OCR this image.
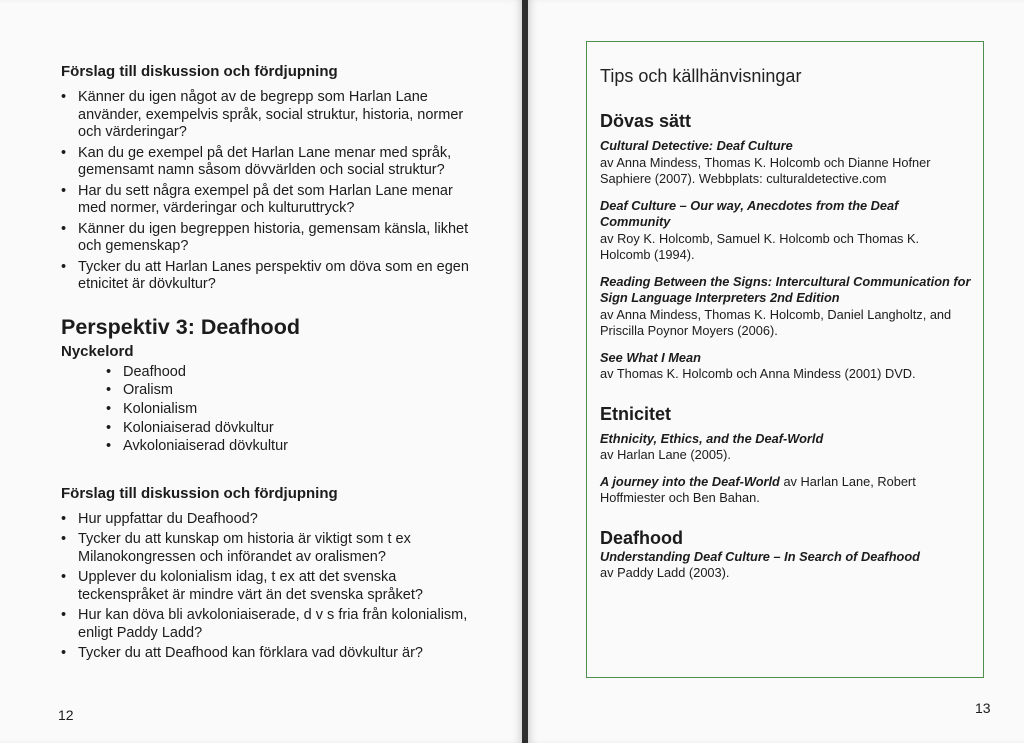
Förslag till diskussion och fördjupning
• Känner du igen något av de begrepp som Harlan Lane använder, exempelvis språk, social struktur, historia, normer och värderingar?
• Kan du ge exempel på det Harlan Lane menar med språk, gemensamt namn såsom dövvärlden och social struktur?
• Har du sett några exempel på det som Harlan Lane menar med normer, värderingar och kulturuttryck?
• Känner du igen begreppen historia, gemensam känsla, likhet och gemenskap?
• Tycker du att Harlan Lanes perspektiv om döva som en egen etnicitet är dövkultur?
Perspektiv 3: Deafhood
Nyckelord
• Deafhood
• Oralism
• Kolonialism
• Koloniaiserad dövkultur
• Avkoloniaiserad dövkultur
Förslag till diskussion och fördjupning
• Hur uppfattar du Deafhood?
• Tycker du att kunskap om historia är viktigt som t ex Milanokongressen och införandet av oralismen?
• Upplever du kolonialism idag, t ex att det svenska teckenspråket är mindre värt än det svenska språket?
• Hur kan döva bli avkoloniaiserade, d v s fria från kolonialism, enligt Paddy Ladd?
• Tycker du att Deafhood kan förklara vad dövkultur är?
12
Tips och källhänvisningar
Dövas sätt
Cultural Detective: Deaf Culture
av Anna Mindess, Thomas K. Holcomb och Dianne Hofner Saphiere (2007). Webbplats: culturaldetective.com
Deaf Culture – Our way, Anecdotes from the Deaf Community
av Roy K. Holcomb, Samuel K. Holcomb och Thomas K. Holcomb (1994).
Reading Between the Signs: Intercultural Communication for Sign Language Interpreters 2nd Edition
av Anna Mindess, Thomas K. Holcomb, Daniel Langholtz, and Priscilla Poynor Moyers (2006).
See What I Mean
av Thomas K. Holcomb och Anna Mindess (2001) DVD.
Etnicitet
Ethnicity, Ethics, and the Deaf-World
av Harlan Lane (2005).
A journey into the Deaf-World av Harlan Lane, Robert Hoffmiester och Ben Bahan.
Deafhood
Understanding Deaf Culture – In Search of Deafhood
av Paddy Ladd (2003).
13
